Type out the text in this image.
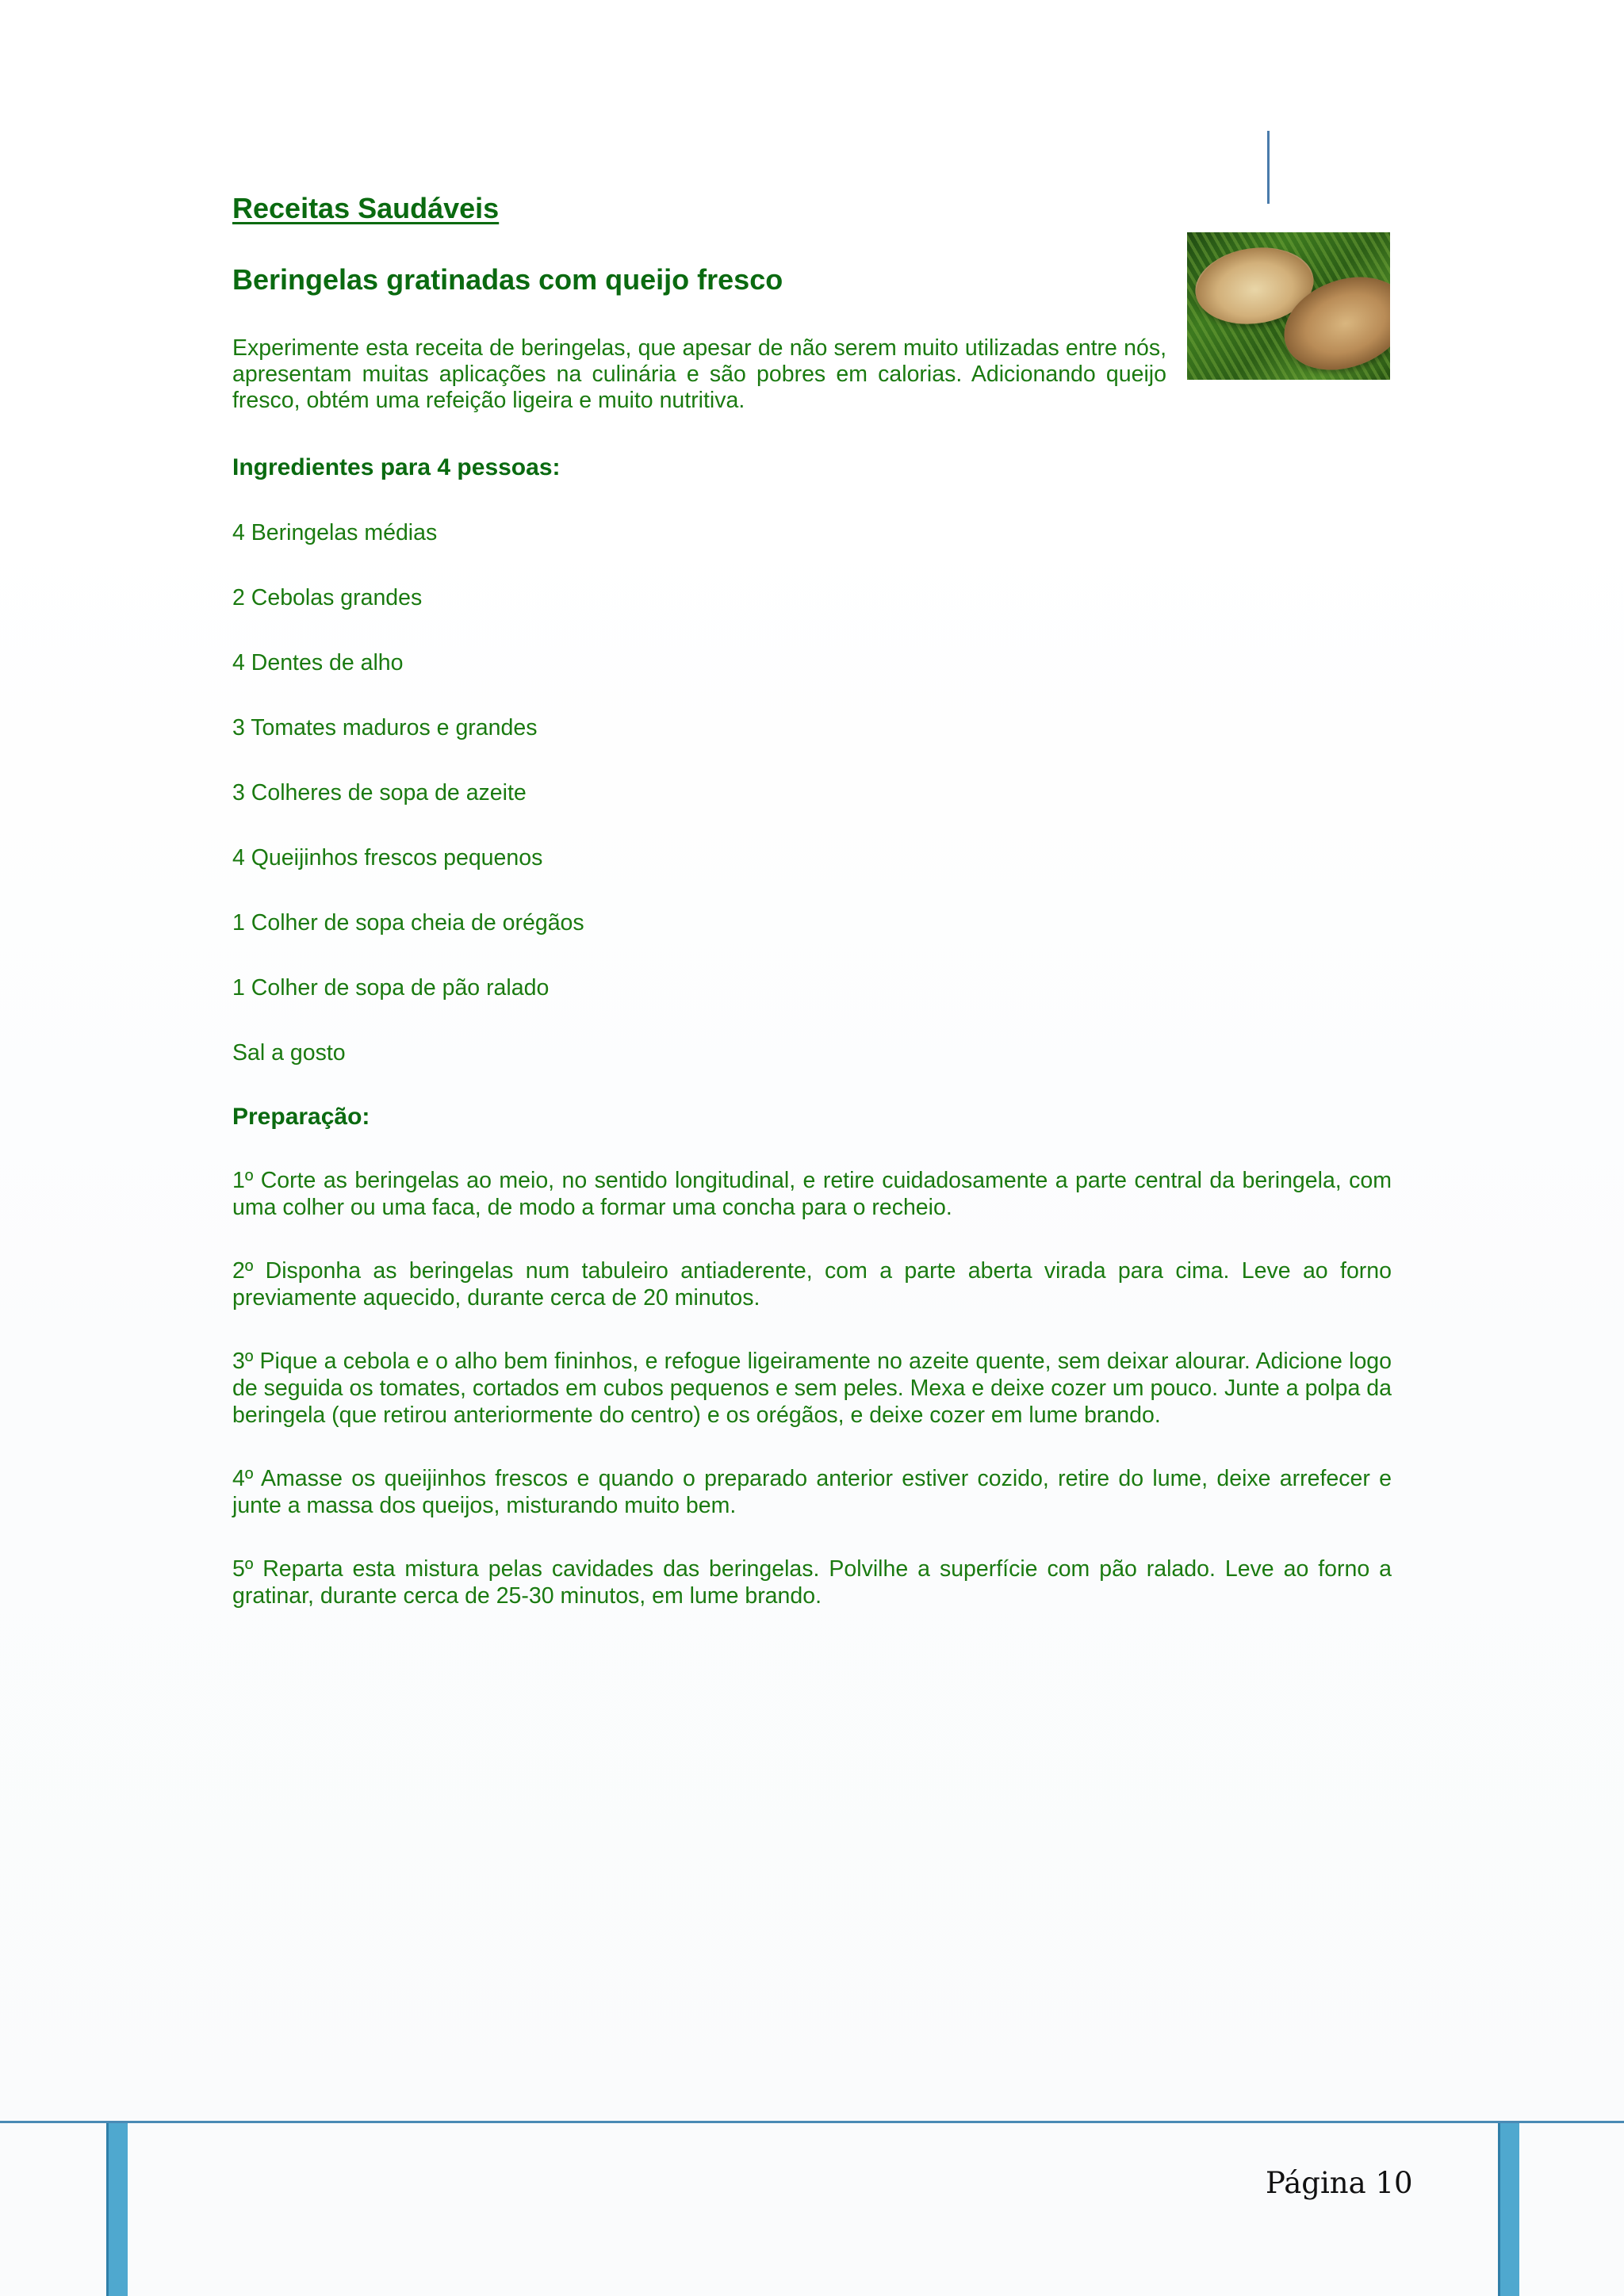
Receitas Saudáveis
Beringelas gratinadas com queijo fresco

Experimente esta receita de beringelas, que apesar de não serem muito utilizadas entre nós, apresentam muitas aplicações na culinária e são pobres em calorias. Adicionando queijo fresco, obtém uma refeição ligeira e muito nutritiva.

Ingredientes para 4 pessoas:
4 Beringelas médias
2 Cebolas grandes
4 Dentes de alho
3 Tomates maduros e grandes
3 Colheres de sopa de azeite
4 Queijinhos frescos pequenos
1 Colher de sopa cheia de orégãos
1 Colher de sopa de pão ralado
Sal a gosto
Preparação:
1º Corte as beringelas ao meio, no sentido longitudinal, e retire cuidadosamente a parte central da beringela, com uma colher ou uma faca, de modo a formar uma concha para o recheio.
2º Disponha as beringelas num tabuleiro antiaderente, com a parte aberta virada para cima. Leve ao forno previamente aquecido, durante cerca de 20 minutos.
3º Pique a cebola e o alho bem fininhos, e refogue ligeiramente no azeite quente, sem deixar alourar. Adicione logo de seguida os tomates, cortados em cubos pequenos e sem peles. Mexa e deixe cozer um pouco. Junte a polpa da beringela (que retirou anteriormente do centro) e os orégãos, e deixe cozer em lume brando.
4º Amasse os queijinhos frescos e quando o preparado anterior estiver cozido, retire do lume, deixe arrefecer e junte a massa dos queijos, misturando muito bem.
5º Reparta esta mistura pelas cavidades das beringelas. Polvilhe a superfície com pão ralado. Leve ao forno a gratinar, durante cerca de 25-30 minutos, em lume brando.
Página 10
